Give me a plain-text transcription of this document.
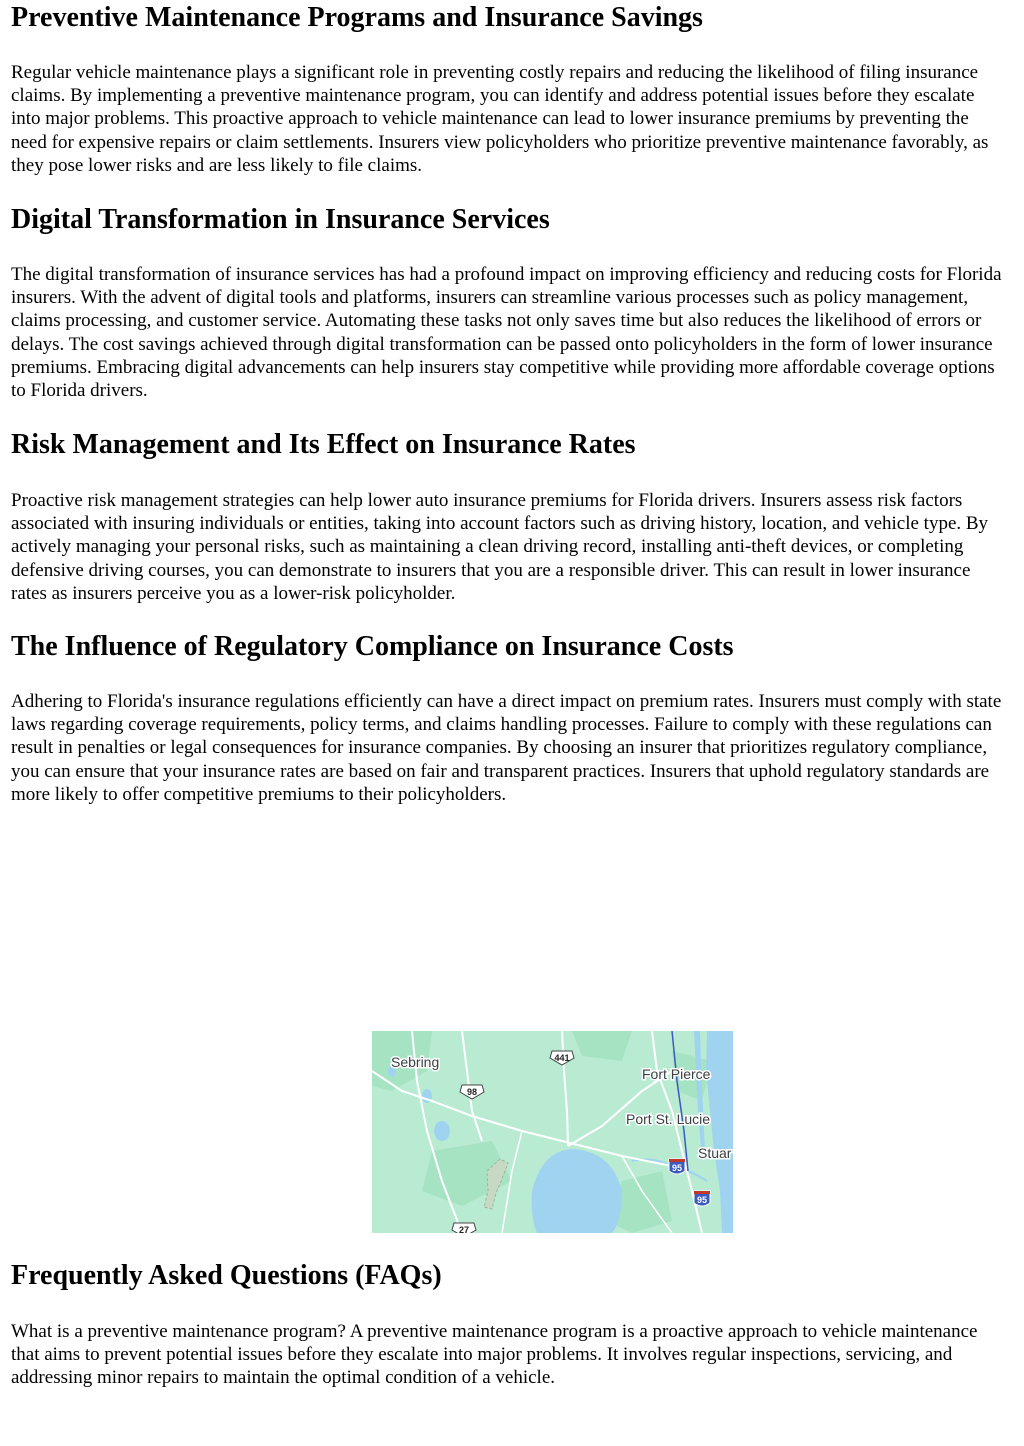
Preventive Maintenance Programs and Insurance Savings

Regular vehicle maintenance plays a significant role in preventing costly repairs and reducing the likelihood of filing insurance claims. By implementing a preventive maintenance program, you can identify and address potential issues before they escalate into major problems. This proactive approach to vehicle maintenance can lead to lower insurance premiums by preventing the need for expensive repairs or claim settlements. Insurers view policyholders who prioritize preventive maintenance favorably, as they pose lower risks and are less likely to file claims.

Digital Transformation in Insurance Services

The digital transformation of insurance services has had a profound impact on improving efficiency and reducing costs for Florida insurers. With the advent of digital tools and platforms, insurers can streamline various processes such as policy management, claims processing, and customer service. Automating these tasks not only saves time but also reduces the likelihood of errors or delays. The cost savings achieved through digital transformation can be passed onto policyholders in the form of lower insurance premiums. Embracing digital advancements can help insurers stay competitive while providing more affordable coverage options to Florida drivers.

Risk Management and Its Effect on Insurance Rates

Proactive risk management strategies can help lower auto insurance premiums for Florida drivers. Insurers assess risk factors associated with insuring individuals or entities, taking into account factors such as driving history, location, and vehicle type. By actively managing your personal risks, such as maintaining a clean driving record, installing anti-theft devices, or completing defensive driving courses, you can demonstrate to insurers that you are a responsible driver. This can result in lower insurance rates as insurers perceive you as a lower-risk policyholder.

The Influence of Regulatory Compliance on Insurance Costs

Adhering to Florida's insurance regulations efficiently can have a direct impact on premium rates. Insurers must comply with state laws regarding coverage requirements, policy terms, and claims handling processes. Failure to comply with these regulations can result in penalties or legal consequences for insurance companies. By choosing an insurer that prioritizes regulatory compliance, you can ensure that your insurance rates are based on fair and transparent practices. Insurers that uphold regulatory standards are more likely to offer competitive premiums to their policyholders.

Sebring
Fort Pierce
Port St. Lucie
Stuar
441
98
95
95
27
Frequently Asked Questions (FAQs)

What is a preventive maintenance program? A preventive maintenance program is a proactive approach to vehicle maintenance that aims to prevent potential issues before they escalate into major problems. It involves regular inspections, servicing, and addressing minor repairs to maintain the optimal condition of a vehicle.
